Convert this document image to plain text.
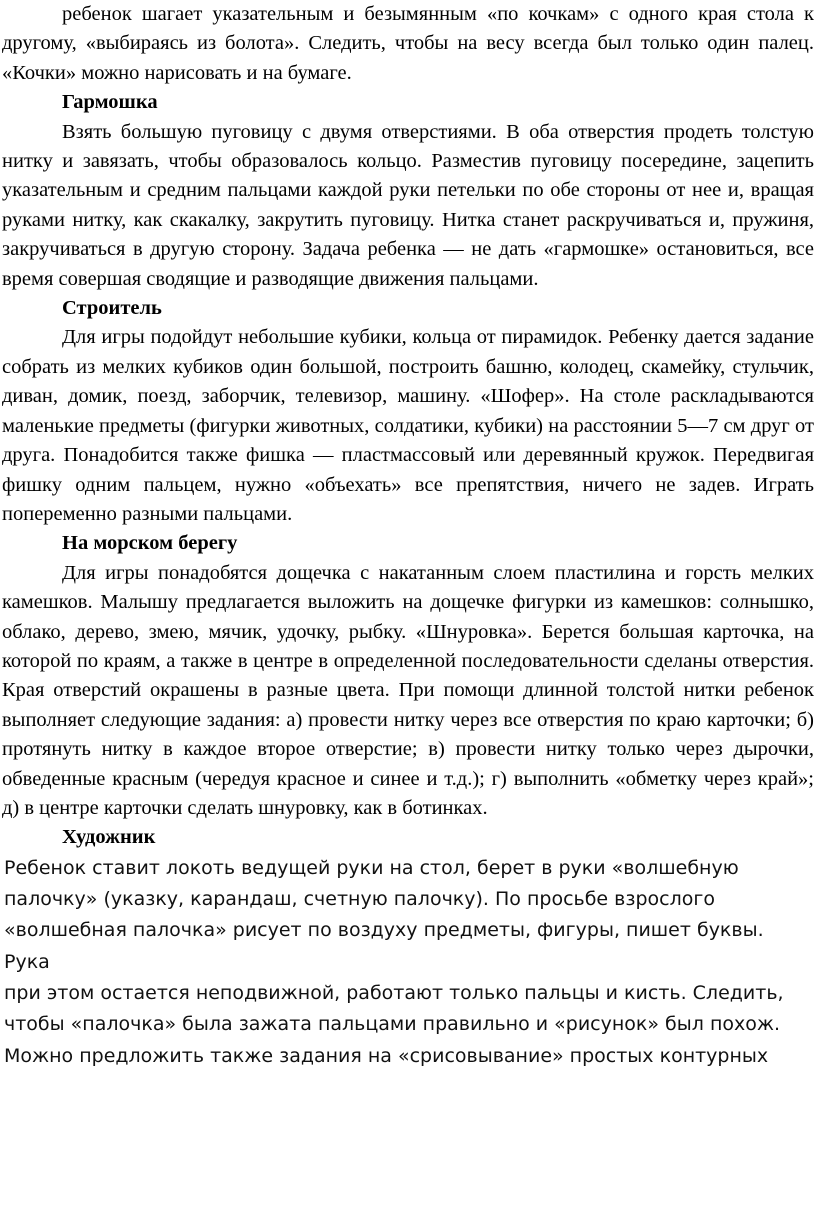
ребенок шагает указательным и безымянным «по кочкам» с одного края стола к другому, «выбираясь из болота». Следить, чтобы на весу всегда был только один палец. «Кочки» можно нарисовать и на бумаге.

Гармошка

Взять большую пуговицу с двумя отверстиями. В оба отверстия продеть толстую нитку и завязать, чтобы образовалось кольцо. Разместив пуговицу посередине, зацепить указательным и средним пальцами каждой руки петельки по обе стороны от нее и, вращая руками нитку, как скакалку, закрутить пуговицу. Нитка станет раскручиваться и, пружиня, закручиваться в другую сторону. Задача ребенка — не дать «гармошке» остановиться, все время совершая сводящие и разводящие движения пальцами.

Строитель

Для игры подойдут небольшие кубики, кольца от пирамидок. Ребенку дается задание собрать из мелких кубиков один большой, построить башню, колодец, скамейку, стульчик, диван, домик, поезд, заборчик, телевизор, машину. «Шофер». На столе раскладываются маленькие предметы (фигурки животных, солдатики, кубики) на расстоянии 5—7 см друг от друга. Понадобится также фишка — пластмассовый или деревянный кружок. Передвигая фишку одним пальцем, нужно «объехать» все препятствия, ничего не задев. Играть попеременно разными пальцами.

На морском берегу

Для игры понадобятся дощечка с накатанным слоем пластилина и горсть мелких камешков. Малышу предлагается выложить на дощечке фигурки из камешков: солнышко, облако, дерево, змею, мячик, удочку, рыбку. «Шнуровка». Берется большая карточка, на которой по краям, а также в центре в определенной последовательности сделаны отверстия. Края отверстий окрашены в разные цвета. При помощи длинной толстой нитки ребенок выполняет следующие задания: а) провести нитку через все отверстия по краю карточки; б) протянуть нитку в каждое второе отверстие; в) провести нитку только через дырочки, обведенные красным (чередуя красное и синее и т.д.); г) выполнить «обметку через край»; д) в центре карточки сделать шнуровку, как в ботинках.

Художник

Ребенок ставит локоть ведущей руки на стол, берет в руки «волшебную

палочку» (указку, карандаш, счетную палочку). По просьбе взрослого

«волшебная палочка» рисует по воздуху предметы, фигуры, пишет буквы. Рука

при этом остается неподвижной, работают только пальцы и кисть. Следить,

чтобы «палочка» была зажата пальцами правильно и «рисунок» был похож.

Можно предложить также задания на «срисовывание» простых контурных
